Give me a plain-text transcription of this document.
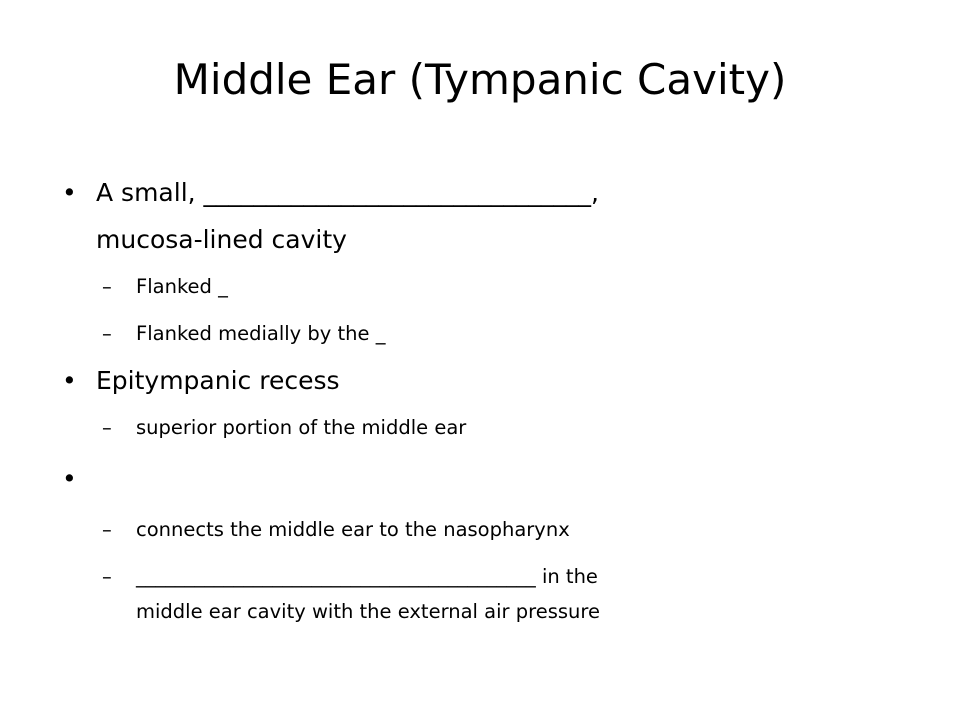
Middle Ear (Tympanic Cavity)
• A small, _______________________________,
mucosa-lined cavity
– Flanked _
– Flanked medially by the _
• Epitympanic recess
– superior portion of the middle ear
•
– connects the middle ear to the nasopharynx
– _________________________________________ in the
middle ear cavity with the external air pressure
